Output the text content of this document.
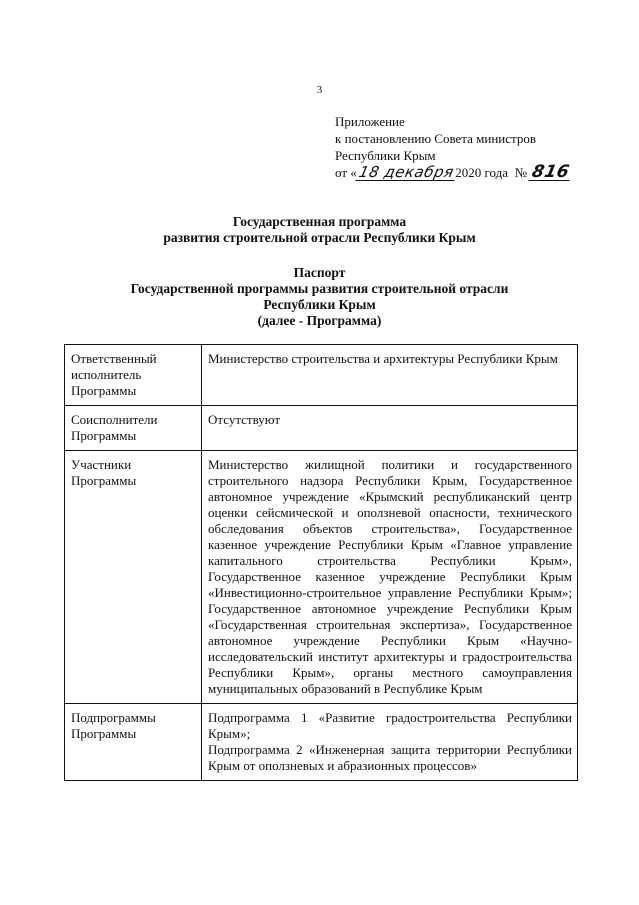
3
Приложение
к постановлению Совета министров
Республики Крым
от «18 декабря2020 года № 816
Государственная программа
развития строительной отрасли Республики Крым
Паспорт
Государственной программы развития строительной отрасли
Республики Крым
(далее - Программа)
Ответственный исполнитель Программы	Министерство строительства и архитектуры Республики Крым
Соисполнители Программы	Отсутствуют
Участники Программы	Министерство жилищной политики и государственного строительного надзора Республики Крым, Государственное автономное учреждение «Крымский республиканский центр оценки сейсмической и оползневой опасности, технического обследования объектов строительства», Государственное казенное учреждение Республики Крым «Главное управление капитального строительства Республики Крым», Государственное казенное учреждение Республики Крым «Инвестиционно-строительное управление Республики Крым»; Государственное автономное учреждение Республики Крым «Государственная строительная экспертиза», Государственное автономное учреждение Республики Крым «Научно-исследовательский институт архитектуры и градостроительства Республики Крым», органы местного самоуправления муниципальных образований в Республике Крым
Подпрограммы Программы	Подпрограмма 1 «Развитие градостроительства Республики Крым»;

Подпрограмма 2 «Инженерная защита территории Республики Крым от оползневых и абразионных процессов»
